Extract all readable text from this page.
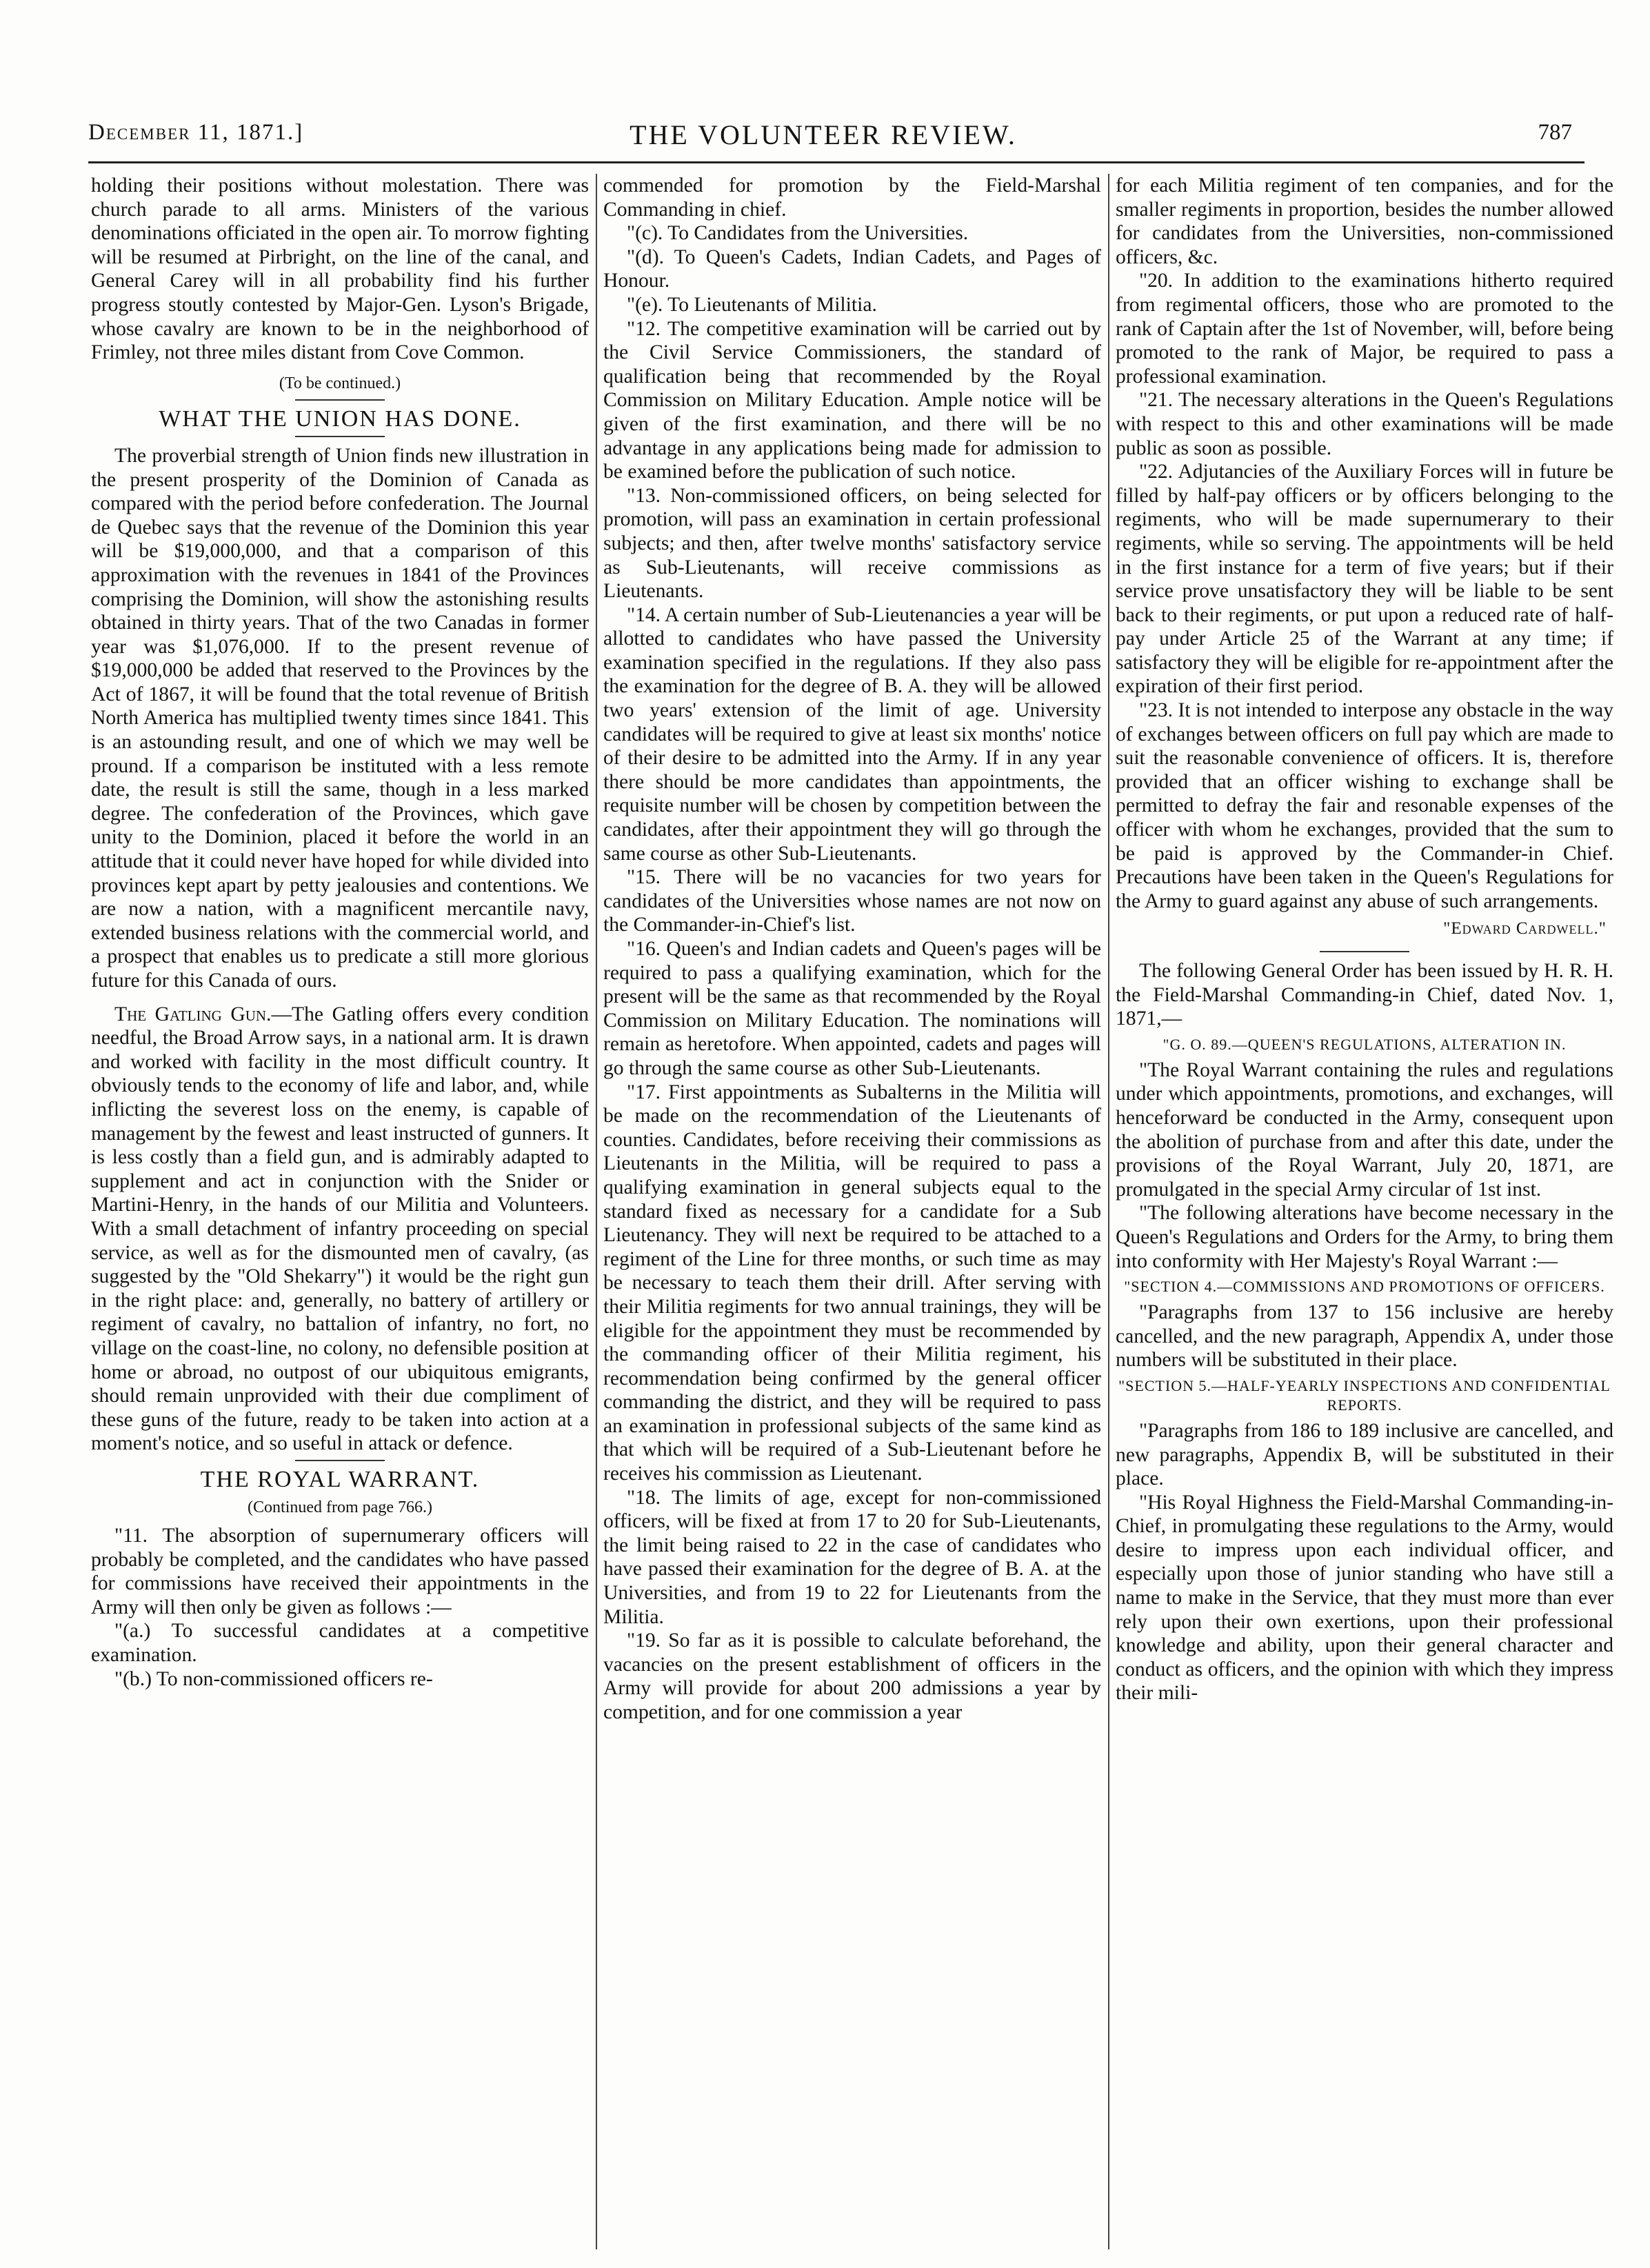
December 11, 1871.]	THE VOLUNTEER REVIEW.	787

holding their positions without molestation. There was church parade to all arms. Ministers of the various denominations officiated in the open air. To morrow fighting will be resumed at Pirbright, on the line of the canal, and General Carey will in all probability find his further progress stoutly contested by Major-Gen. Lyson's Brigade, whose cavalry are known to be in the neighborhood of Frimley, not three miles distant from Cove Common.

(To be continued.)
WHAT THE UNION HAS DONE.

The proverbial strength of Union finds new illustration in the present prosperity of the Dominion of Canada as compared with the period before confederation. The Journal de Quebec says that the revenue of the Dominion this year will be $19,000,000, and that a comparison of this approximation with the revenues in 1841 of the Provinces comprising the Dominion, will show the astonishing results obtained in thirty years. That of the two Canadas in former year was $1,076,000. If to the present revenue of $19,000,000 be added that reserved to the Provinces by the Act of 1867, it will be found that the total revenue of British North America has multiplied twenty times since 1841. This is an astounding result, and one of which we may well be pround. If a comparison be instituted with a less remote date, the result is still the same, though in a less marked degree. The confederation of the Provinces, which gave unity to the Dominion, placed it before the world in an attitude that it could never have hoped for while divided into provinces kept apart by petty jealousies and contentions. We are now a nation, with a magnificent mercantile navy, extended business relations with the commercial world, and a prospect that enables us to predicate a still more glorious future for this Canada of ours.

The Gatling Gun.—The Gatling offers every condition needful, the Broad Arrow says, in a national arm. It is drawn and worked with facility in the most difficult country. It obviously tends to the economy of life and labor, and, while inflicting the severest loss on the enemy, is capable of management by the fewest and least instructed of gunners. It is less costly than a field gun, and is admirably adapted to supplement and act in conjunction with the Snider or Martini-Henry, in the hands of our Militia and Volunteers. With a small detachment of infantry proceeding on special service, as well as for the dismounted men of cavalry, (as suggested by the "Old Shekarry") it would be the right gun in the right place: and, generally, no battery of artillery or regiment of cavalry, no battalion of infantry, no fort, no village on the coast-line, no colony, no defensible position at home or abroad, no outpost of our ubiquitous emigrants, should remain unprovided with their due compliment of these guns of the future, ready to be taken into action at a moment's notice, and so useful in attack or defence.

THE ROYAL WARRANT.
(Continued from page 766.)

"11. The absorption of supernumerary officers will probably be completed, and the candidates who have passed for commissions have received their appointments in the Army will then only be given as follows :—

"(a.) To successful candidates at a competitive examination.

"(b.) To non-commissioned officers re-

commended for promotion by the Field-Marshal Commanding in chief.

"(c). To Candidates from the Universities.

"(d). To Queen's Cadets, Indian Cadets, and Pages of Honour.

"(e). To Lieutenants of Militia.

"12. The competitive examination will be carried out by the Civil Service Commissioners, the standard of qualification being that recommended by the Royal Commission on Military Education. Ample notice will be given of the first examination, and there will be no advantage in any applications being made for admission to be examined before the publication of such notice.

"13. Non-commissioned officers, on being selected for promotion, will pass an examination in certain professional subjects; and then, after twelve months' satisfactory service as Sub-Lieutenants, will receive commissions as Lieutenants.

"14. A certain number of Sub-Lieutenancies a year will be allotted to candidates who have passed the University examination specified in the regulations. If they also pass the examination for the degree of B. A. they will be allowed two years' extension of the limit of age. University candidates will be required to give at least six months' notice of their desire to be admitted into the Army. If in any year there should be more candidates than appointments, the requisite number will be chosen by competition between the candidates, after their appointment they will go through the same course as other Sub-Lieutenants.

"15. There will be no vacancies for two years for candidates of the Universities whose names are not now on the Commander-in-Chief's list.

"16. Queen's and Indian cadets and Queen's pages will be required to pass a qualifying examination, which for the present will be the same as that recommended by the Royal Commission on Military Education. The nominations will remain as heretofore. When appointed, cadets and pages will go through the same course as other Sub-Lieutenants.

"17. First appointments as Subalterns in the Militia will be made on the recommendation of the Lieutenants of counties. Candidates, before receiving their commissions as Lieutenants in the Militia, will be required to pass a qualifying examination in general subjects equal to the standard fixed as necessary for a candidate for a Sub Lieutenancy. They will next be required to be attached to a regiment of the Line for three months, or such time as may be necessary to teach them their drill. After serving with their Militia regiments for two annual trainings, they will be eligible for the appointment they must be recommended by the commanding officer of their Militia regiment, his recommendation being confirmed by the general officer commanding the district, and they will be required to pass an examination in professional subjects of the same kind as that which will be required of a Sub-Lieutenant before he receives his commission as Lieutenant.

"18. The limits of age, except for non-commissioned officers, will be fixed at from 17 to 20 for Sub-Lieutenants, the limit being raised to 22 in the case of candidates who have passed their examination for the degree of B. A. at the Universities, and from 19 to 22 for Lieutenants from the Militia.

"19. So far as it is possible to calculate beforehand, the vacancies on the present establishment of officers in the Army will provide for about 200 admissions a year by competition, and for one commission a year

for each Militia regiment of ten companies, and for the smaller regiments in proportion, besides the number allowed for candidates from the Universities, non-commissioned officers, &c.

"20. In addition to the examinations hitherto required from regimental officers, those who are promoted to the rank of Captain after the 1st of November, will, before being promoted to the rank of Major, be required to pass a professional examination.

"21. The necessary alterations in the Queen's Regulations with respect to this and other examinations will be made public as soon as possible.

"22. Adjutancies of the Auxiliary Forces will in future be filled by half-pay officers or by officers belonging to the regiments, who will be made supernumerary to their regiments, while so serving. The appointments will be held in the first instance for a term of five years; but if their service prove unsatisfactory they will be liable to be sent back to their regiments, or put upon a reduced rate of half-pay under Article 25 of the Warrant at any time; if satisfactory they will be eligible for re-appointment after the expiration of their first period.

"23. It is not intended to interpose any obstacle in the way of exchanges between officers on full pay which are made to suit the reasonable convenience of officers. It is, therefore provided that an officer wishing to exchange shall be permitted to defray the fair and resonable expenses of the officer with whom he exchanges, provided that the sum to be paid is approved by the Commander-in Chief. Precautions have been taken in the Queen's Regulations for the Army to guard against any abuse of such arrangements.

"Edward Cardwell."

The following General Order has been issued by H. R. H. the Field-Marshal Commanding-in Chief, dated Nov. 1, 1871,—

"G. O. 89.—QUEEN'S REGULATIONS, ALTERATION IN.

"The Royal Warrant containing the rules and regulations under which appointments, promotions, and exchanges, will henceforward be conducted in the Army, consequent upon the abolition of purchase from and after this date, under the provisions of the Royal Warrant, July 20, 1871, are promulgated in the special Army circular of 1st inst.

"The following alterations have become necessary in the Queen's Regulations and Orders for the Army, to bring them into conformity with Her Majesty's Royal Warrant :—

"SECTION 4.—COMMISSIONS AND PROMOTIONS OF OFFICERS.

"Paragraphs from 137 to 156 inclusive are hereby cancelled, and the new paragraph, Appendix A, under those numbers will be substituted in their place.

"SECTION 5.—HALF-YEARLY INSPECTIONS AND CONFIDENTIAL REPORTS.

"Paragraphs from 186 to 189 inclusive are cancelled, and new paragraphs, Appendix B, will be substituted in their place.

"His Royal Highness the Field-Marshal Commanding-in-Chief, in promulgating these regulations to the Army, would desire to impress upon each individual officer, and especially upon those of junior standing who have still a name to make in the Service, that they must more than ever rely upon their own exertions, upon their professional knowledge and ability, upon their general character and conduct as officers, and the opinion with which they impress their mili-
